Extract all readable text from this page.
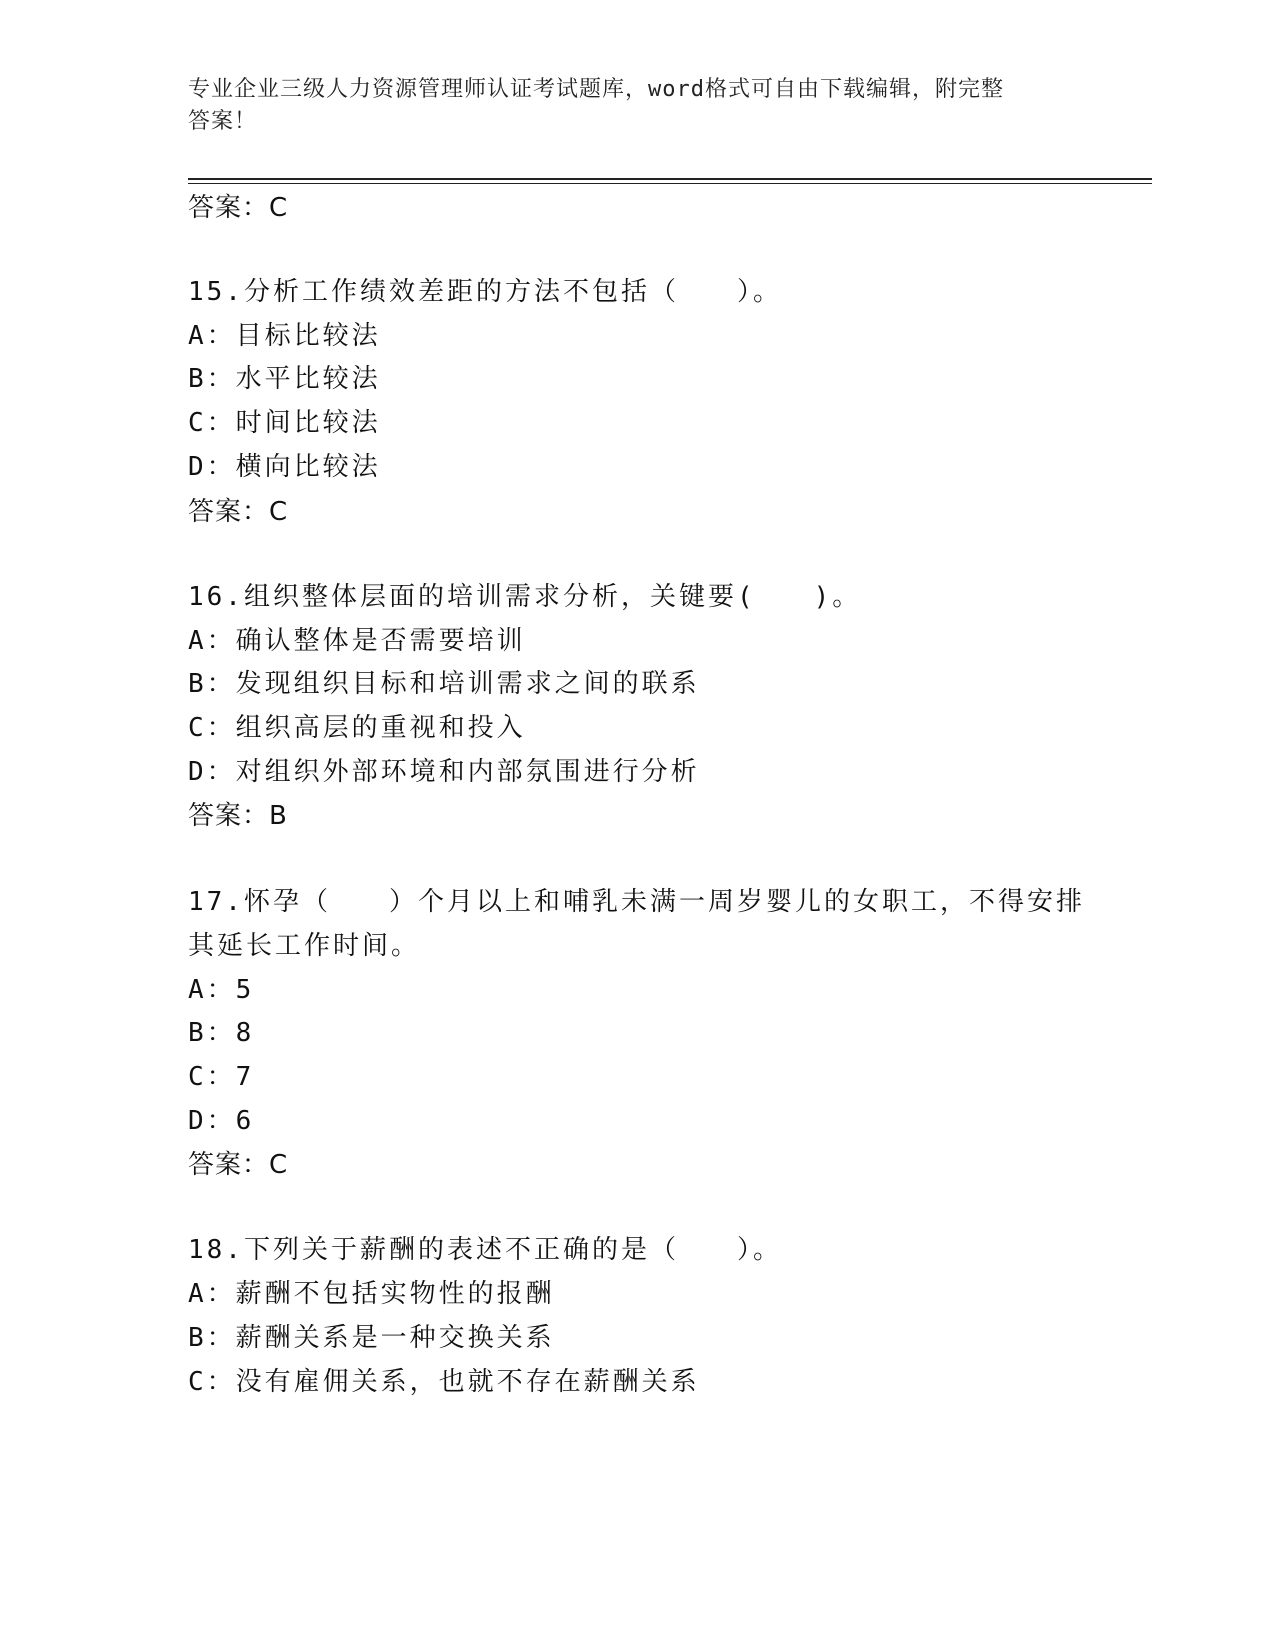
专业企业三级人力资源管理师认证考试题库，word格式可自由下载编辑，附完整
答案！
答案：C
15.分析工作绩效差距的方法不包括（　　）。
A：目标比较法
B：水平比较法
C：时间比较法
D：横向比较法
答案：C
16.组织整体层面的培训需求分析，关键要(　　)。
A：确认整体是否需要培训
B：发现组织目标和培训需求之间的联系
C：组织高层的重视和投入
D：对组织外部环境和内部氛围进行分析
答案：B
17.怀孕（　　）个月以上和哺乳未满一周岁婴儿的女职工，不得安排
其延长工作时间。
A：5
B：8
C：7
D：6
答案：C
18.下列关于薪酬的表述不正确的是（　　）。
A：薪酬不包括实物性的报酬
B：薪酬关系是一种交换关系
C：没有雇佣关系，也就不存在薪酬关系
